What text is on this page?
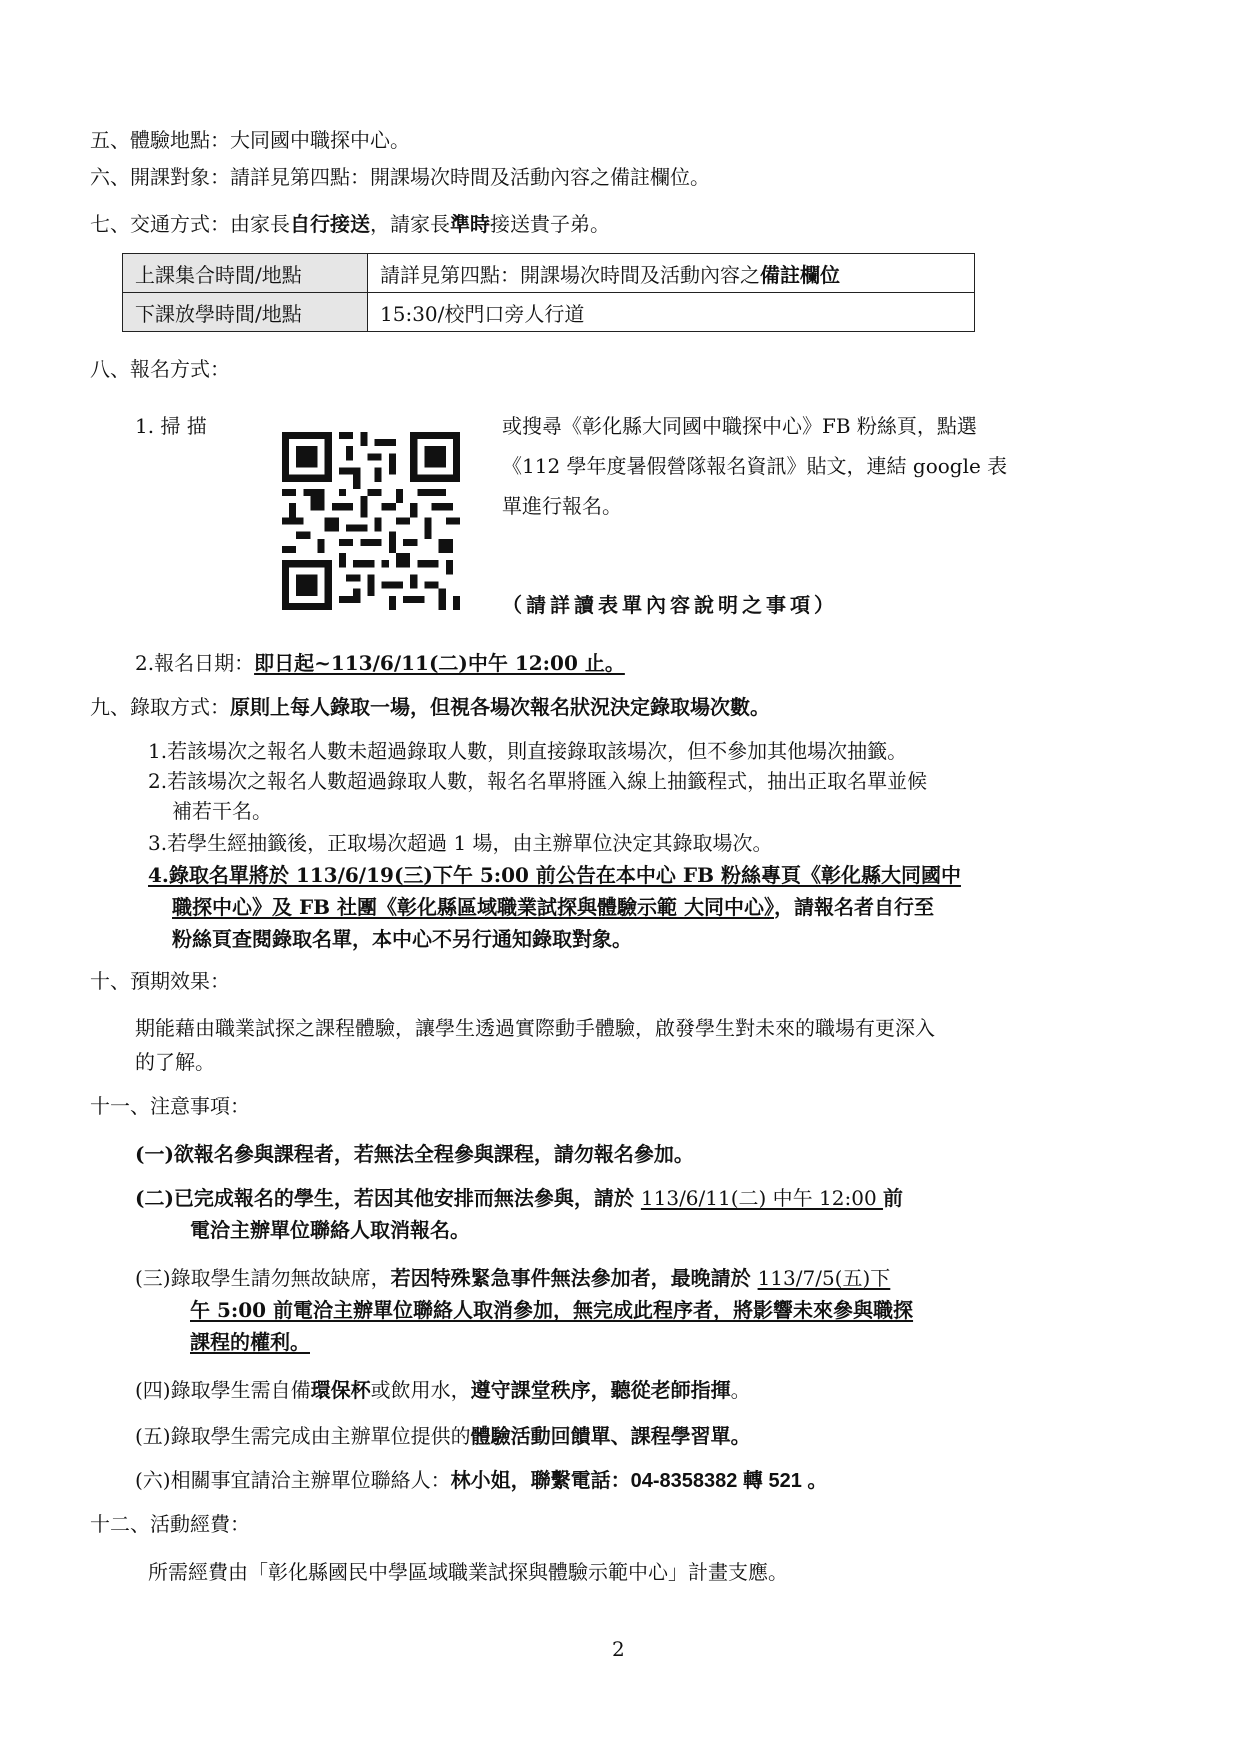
五、體驗地點：大同國中職探中心。
六、開課對象：請詳見第四點：開課場次時間及活動內容之備註欄位。
七、交通方式：由家長自行接送，請家長準時接送貴子弟。
上課集合時間/地點	請詳見第四點：開課場次時間及活動內容之備註欄位
下課放學時間/地點	15:30/校門口旁人行道
八、報名方式：
1. 掃 描	或搜尋《彰化縣大同國中職探中心》FB 粉絲頁，點選
《112 學年度暑假營隊報名資訊》貼文，連結 google 表
單進行報名。
（請詳讀表單內容說明之事項）
2.報名日期：即日起~113/6/11(二)中午 12:00 止。
九、錄取方式：原則上每人錄取一場，但視各場次報名狀況決定錄取場次數。
1.若該場次之報名人數未超過錄取人數，則直接錄取該場次，但不參加其他場次抽籤。
2.若該場次之報名人數超過錄取人數，報名名單將匯入線上抽籤程式，抽出正取名單並候
補若干名。
3.若學生經抽籤後，正取場次超過 1 場，由主辦單位決定其錄取場次。
4.錄取名單將於 113/6/19(三)下午 5:00 前公告在本中心 FB 粉絲專頁《彰化縣大同國中
職探中心》及 FB 社團《彰化縣區域職業試探與體驗示範 大同中心》，請報名者自行至
粉絲頁查閱錄取名單，本中心不另行通知錄取對象。
十、預期效果：
期能藉由職業試探之課程體驗，讓學生透過實際動手體驗，啟發學生對未來的職場有更深入
的了解。
十一、注意事項：
(一)欲報名參與課程者，若無法全程參與課程，請勿報名參加。
(二)已完成報名的學生，若因其他安排而無法參與，請於 113/6/11(二) 中午 12:00 前
電洽主辦單位聯絡人取消報名。
(三)錄取學生請勿無故缺席，若因特殊緊急事件無法參加者，最晚請於 113/7/5(五)下
午 5:00 前電洽主辦單位聯絡人取消參加，無完成此程序者，將影響未來參與職探
課程的權利。
(四)錄取學生需自備環保杯或飲用水，遵守課堂秩序，聽從老師指揮。
(五)錄取學生需完成由主辦單位提供的體驗活動回饋單、課程學習單。
(六)相關事宜請洽主辦單位聯絡人：林小姐，聯繫電話：04-8358382 轉 521 。
十二、活動經費：
所需經費由「彰化縣國民中學區域職業試探與體驗示範中心」計畫支應。
2
